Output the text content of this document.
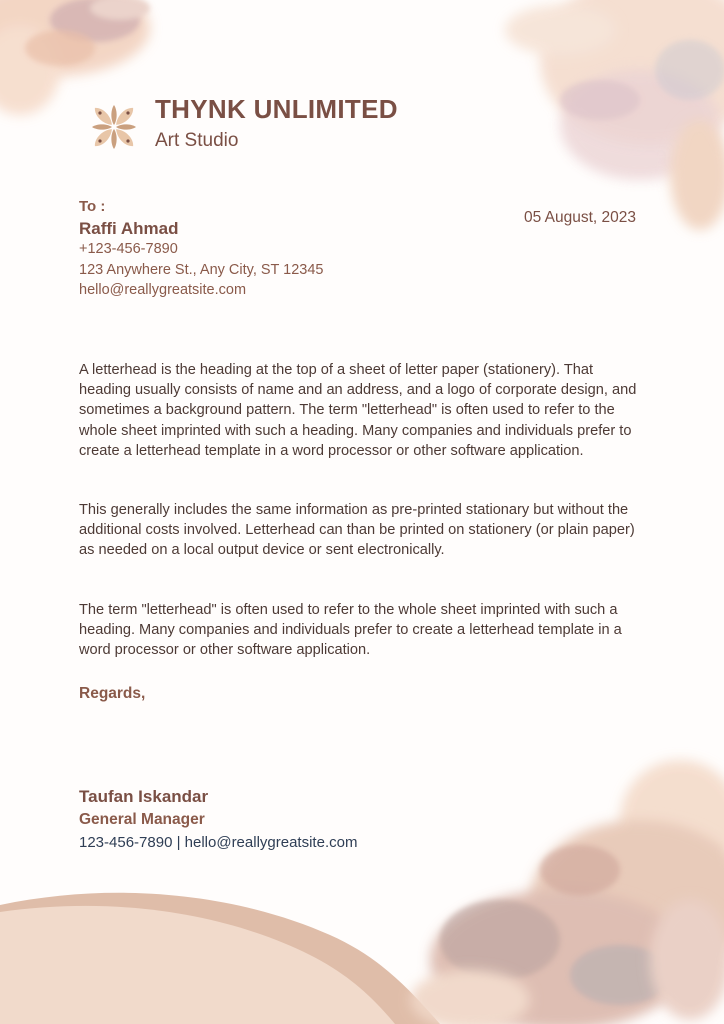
THYNK UNLIMITED
Art Studio
To :
Raffi Ahmad
+123-456-7890
123 Anywhere St., Any City, ST 12345
hello@reallygreatsite.com
05 August, 2023

A letterhead is the heading at the top of a sheet of letter paper (stationery). That heading usually consists of name and an address, and a logo of corporate design, and sometimes a background pattern. The term "letterhead" is often used to refer to the whole sheet imprinted with such a heading. Many companies and individuals prefer to create a letterhead template in a word processor or other software application.

This generally includes the same information as pre-printed stationary but without the additional costs involved. Letterhead can than be printed on stationery (or plain paper) as needed on a local output device or sent electronically.

The term "letterhead" is often used to refer to the whole sheet imprinted with such a heading. Many companies and individuals prefer to create a letterhead template in a word processor or other software application.

Regards,
Taufan Iskandar
General Manager
123-456-7890 | hello@reallygreatsite.com
